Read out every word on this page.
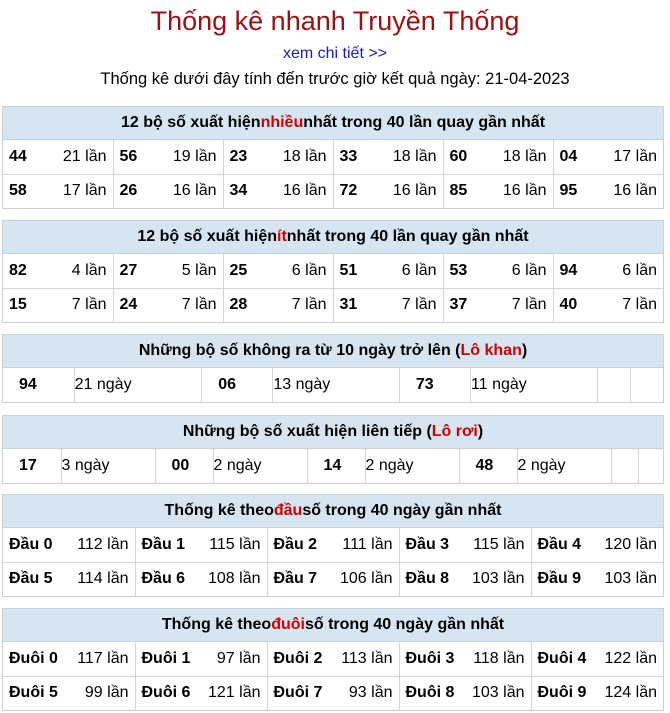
Thống kê nhanh Truyền Thống
xem chi tiết >>
Thống kê dưới đây tính đến trước giờ kết quả ngày: 21-04-2023
12 bộ số xuất hiện nhiều nhất trong 40 lần quay gần nhất
44 21 lần	56 19 lần	23 18 lần	33 18 lần	60 18 lần	04 17 lần

58 17 lần	26 16 lần	34 16 lần	72 16 lần	85 16 lần	95 16 lần
12 bộ số xuất hiện ít nhất trong 40 lần quay gần nhất
82 4 lần	27 5 lần	25 6 lần	51 6 lần	53 6 lần	94 6 lần

15 7 lần	24 7 lần	28 7 lần	31 7 lần	37 7 lần	40 7 lần
Những bộ số không ra từ 10 ngày trở lên ( Lô khan )
94	21 ngày	06	13 ngày	73	11 ngày		
Những bộ số xuất hiện liên tiếp ( Lô rơi )
17	3 ngày	00	2 ngày	14	2 ngày	48	2 ngày		
Thống kê theo đầu số trong 40 ngày gần nhất
Đầu 0 112 lần	Đầu 1 115 lần	Đầu 2 111 lần	Đầu 3 115 lần	Đầu 4 120 lần

Đầu 5 114 lần	Đầu 6 108 lần	Đầu 7 106 lần	Đầu 8 103 lần	Đầu 9 103 lần
Thống kê theo đuôi số trong 40 ngày gần nhất
Đuôi 0 117 lần	Đuôi 1 97 lần	Đuôi 2 113 lần	Đuôi 3 118 lần	Đuôi 4 122 lần

Đuôi 5 99 lần	Đuôi 6 121 lần	Đuôi 7 93 lần	Đuôi 8 103 lần	Đuôi 9 124 lần
